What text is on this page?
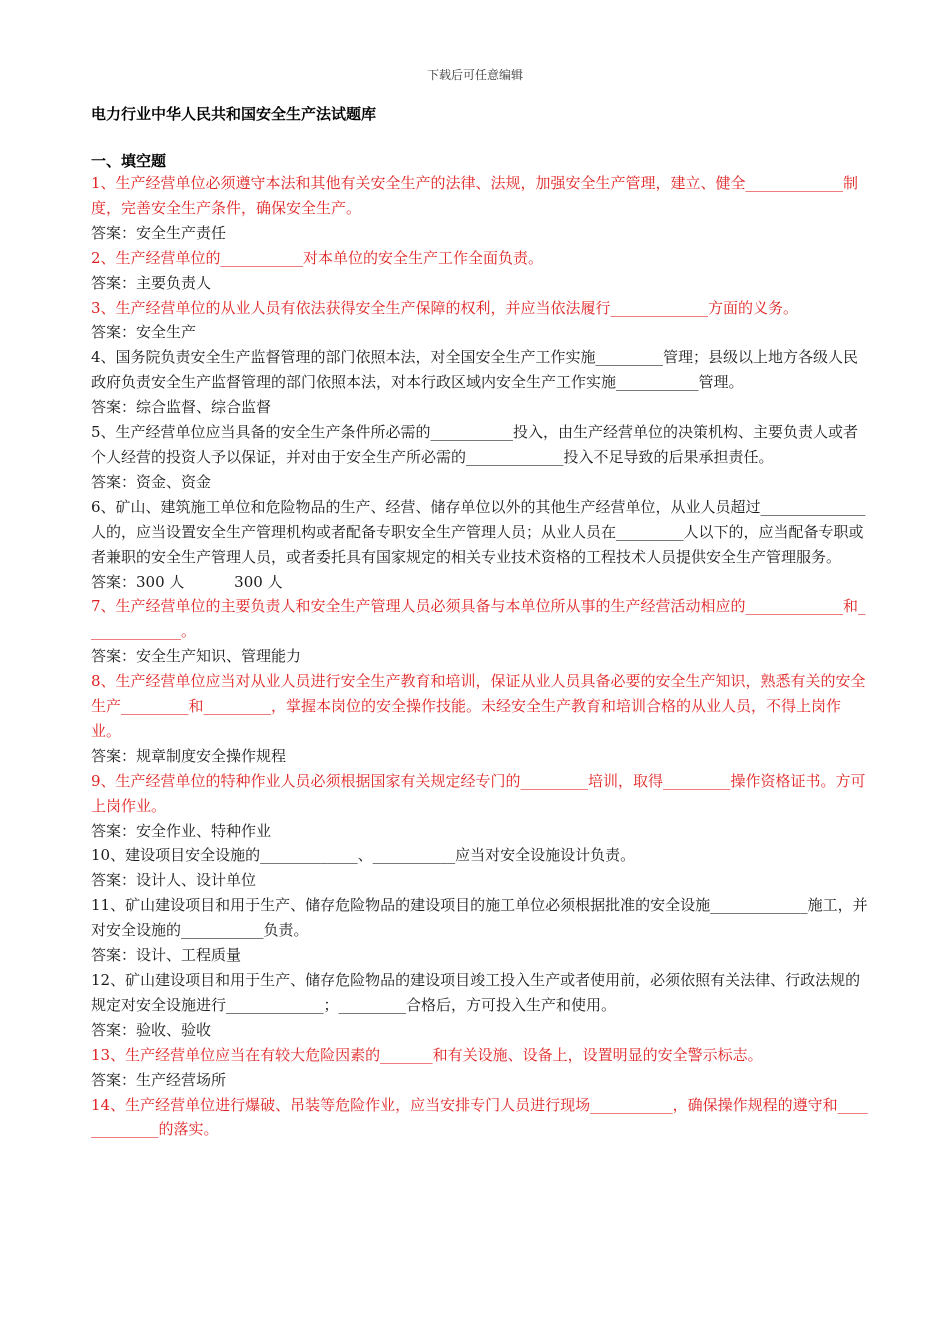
下载后可任意编辑
电力行业中华人民共和国安全生产法试题库
一、填空题

1、生产经营单位必须遵守本法和其他有关安全生产的法律、法规，加强安全生产管理，建立、健全_____________制度，完善安全生产条件，确保安全生产。

答案：安全生产责任

2、生产经营单位的___________对本单位的安全生产工作全面负责。

答案：主要负责人

3、生产经营单位的从业人员有依法获得安全生产保障的权利，并应当依法履行_____________方面的义务。

答案：安全生产

4、国务院负责安全生产监督管理的部门依照本法，对全国安全生产工作实施_________管理；县级以上地方各级人民政府负责安全生产监督管理的部门依照本法，对本行政区域内安全生产工作实施___________管理。

答案：综合监督、综合监督

5、生产经营单位应当具备的安全生产条件所必需的___________投入，由生产经营单位的决策机构、主要负责人或者个人经营的投资人予以保证，并对由于安全生产所必需的_____________投入不足导致的后果承担责任。

答案：资金、资金

6、矿山、建筑施工单位和危险物品的生产、经营、储存单位以外的其他生产经营单位，从业人员超过______________人的，应当设置安全生产管理机构或者配备专职安全生产管理人员；从业人员在_________人以下的，应当配备专职或者兼职的安全生产管理人员，或者委托具有国家规定的相关专业技术资格的工程技术人员提供安全生产管理服务。

答案：300 人　　　 300 人

7、生产经营单位的主要负责人和安全生产管理人员必须具备与本单位所从事的生产经营活动相应的_____________和_____________。

答案：安全生产知识、管理能力

8、生产经营单位应当对从业人员进行安全生产教育和培训，保证从业人员具备必要的安全生产知识，熟悉有关的安全生产_________和_________，掌握本岗位的安全操作技能。未经安全生产教育和培训合格的从业人员，不得上岗作业。

答案：规章制度安全操作规程

9、生产经营单位的特种作业人员必须根据国家有关规定经专门的_________培训，取得_________操作资格证书。方可上岗作业。

答案：安全作业、特种作业

10、建设项目安全设施的_____________、___________应当对安全设施设计负责。

答案：设计人、设计单位

11、矿山建设项目和用于生产、储存危险物品的建设项目的施工单位必须根据批准的安全设施_____________施工，并对安全设施的___________负责。

答案：设计、工程质量

12、矿山建设项目和用于生产、储存危险物品的建设项目竣工投入生产或者使用前，必须依照有关法律、行政法规的规定对安全设施进行_____________；_________合格后，方可投入生产和使用。

答案：验收、验收

13、生产经营单位应当在有较大危险因素的_______和有关设施、设备上，设置明显的安全警示标志。

答案：生产经营场所

14、生产经营单位进行爆破、吊装等危险作业，应当安排专门人员进行现场___________，确保操作规程的遵守和_____________的落实。
